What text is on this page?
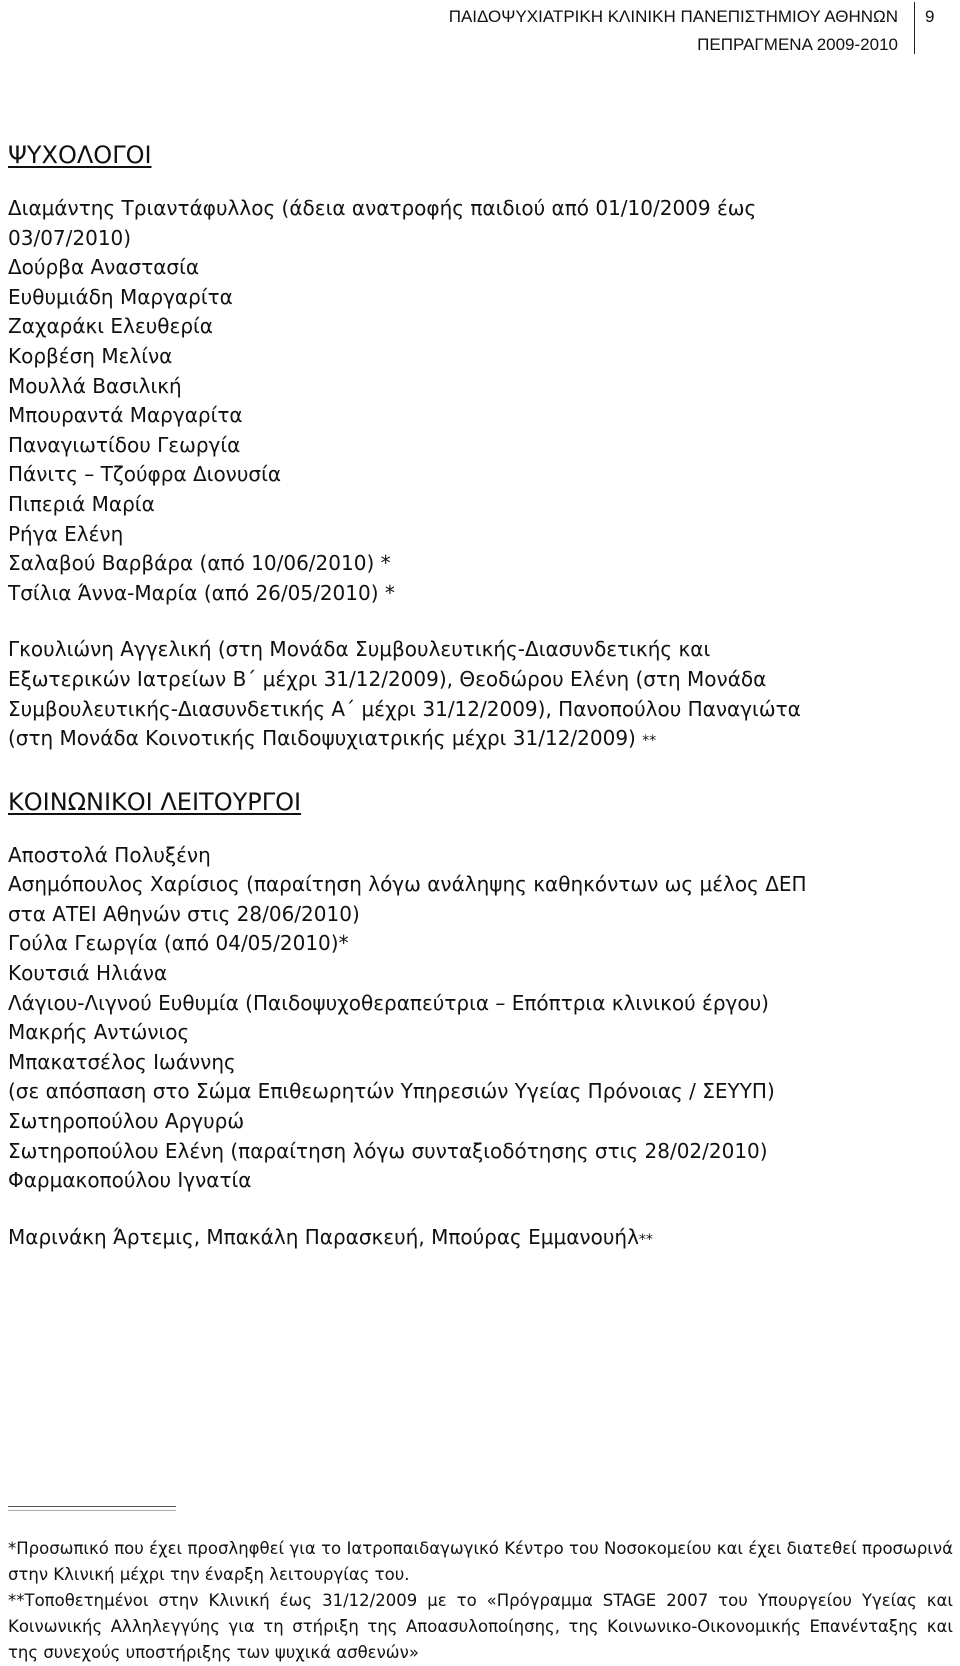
ΠΑΙΔΟΨΥΧΙΑΤΡΙΚΗ ΚΛΙΝΙΚΗ ΠΑΝΕΠΙΣΤΗΜΙΟΥ ΑΘΗΝΩΝ
ΠΕΠΡΑΓΜΕΝΑ 2009-2010
9
ΨΥΧΟΛΟΓΟΙ
Διαμάντης Τριαντάφυλλος (άδεια ανατροφής παιδιού από 01/10/2009 έως
03/07/2010)
Δούρβα Αναστασία
Ευθυμιάδη Μαργαρίτα
Ζαχαράκι Ελευθερία
Κορβέση Μελίνα
Μουλλά Βασιλική
Μπουραντά Μαργαρίτα
Παναγιωτίδου Γεωργία
Πάνιτς – Τζούφρα Διονυσία
Πιπεριά Μαρία
Ρήγα Ελένη
Σαλαβού Βαρβάρα (από 10/06/2010) *
Τσίλια Άννα-Μαρία (από 26/05/2010) *
Γκουλιώνη Αγγελική (στη Μονάδα Συμβουλευτικής-Διασυνδετικής και
Εξωτερικών Ιατρείων Β΄ μέχρι 31/12/2009), Θεοδώρου Ελένη (στη Μονάδα
Συμβουλευτικής-Διασυνδετικής Α΄ μέχρι 31/12/2009), Πανοπούλου Παναγιώτα
(στη Μονάδα Κοινοτικής Παιδοψυχιατρικής μέχρι 31/12/2009) **
ΚΟΙΝΩΝΙΚΟΙ ΛΕΙΤΟΥΡΓΟΙ
Αποστολά Πολυξένη
Ασημόπουλος Χαρίσιος (παραίτηση λόγω ανάληψης καθηκόντων ως μέλος ΔΕΠ
στα ΑΤΕΙ Αθηνών στις 28/06/2010)
Γούλα Γεωργία (από 04/05/2010)*
Κουτσιά Ηλιάνα
Λάγιου-Λιγνού Ευθυμία (Παιδοψυχοθεραπεύτρια – Επόπτρια κλινικού έργου)
Μακρής Αντώνιος
Μπακατσέλος Ιωάννης
(σε απόσπαση στο Σώμα Επιθεωρητών Υπηρεσιών Υγείας Πρόνοιας / ΣΕΥΥΠ)
Σωτηροπούλου Αργυρώ
Σωτηροπούλου Ελένη (παραίτηση λόγω συνταξιοδότησης στις 28/02/2010)
Φαρμακοπούλου Ιγνατία
Μαρινάκη Άρτεμις, Μπακάλη Παρασκευή, Μπούρας Εμμανουήλ**
*Προσωπικό που έχει προσληφθεί για το Ιατροπαιδαγωγικό Κέντρο του Νοσοκομείου και έχει διατεθεί προσωρινά στην Κλινική μέχρι την έναρξη λειτουργίας του.
**Τοποθετημένοι στην Κλινική έως 31/12/2009 με το «Πρόγραμμα STAGE 2007 του Υπουργείου Υγείας και Κοινωνικής Αλληλεγγύης για τη στήριξη της Αποασυλοποίησης, της Κοινωνικο-Οικονομικής Επανένταξης και της συνεχούς υποστήριξης των ψυχικά ασθενών»
